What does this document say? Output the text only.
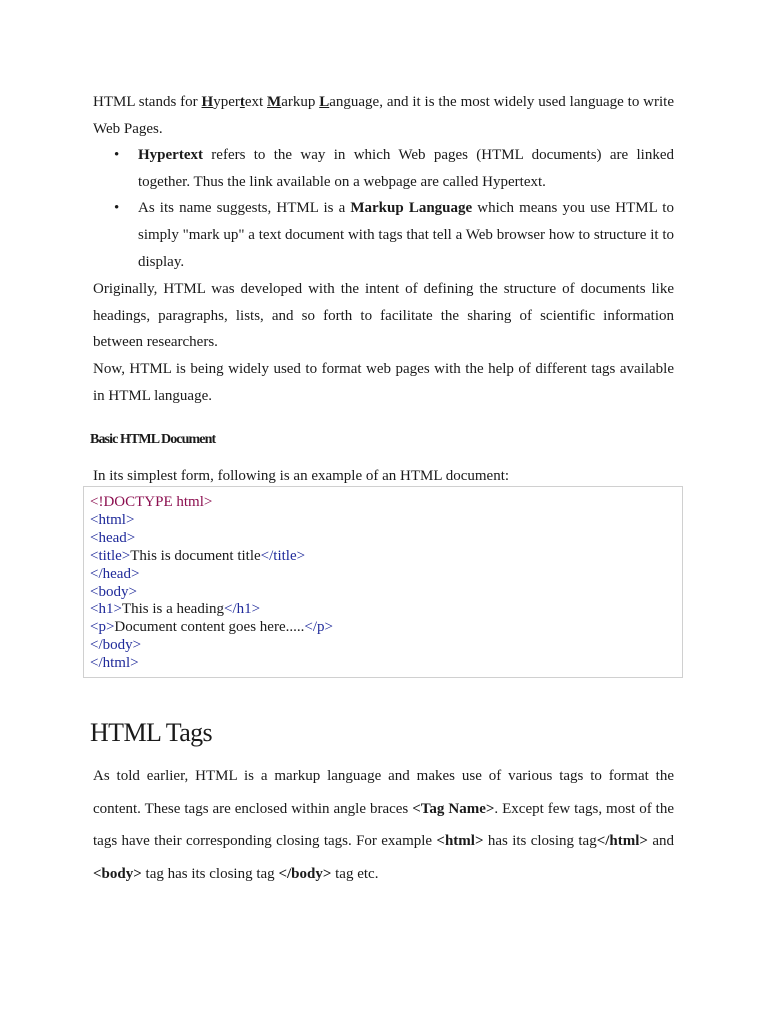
HTML stands for Hypertext Markup Language, and it is the most widely used language to write Web Pages.

• Hypertext refers to the way in which Web pages (HTML documents) are linked together. Thus the link available on a webpage are called Hypertext.
• As its name suggests, HTML is a Markup Language which means you use HTML to simply "mark up" a text document with tags that tell a Web browser how to structure it to display.

Originally, HTML was developed with the intent of defining the structure of documents like headings, paragraphs, lists, and so forth to facilitate the sharing of scientific information between researchers.

Now, HTML is being widely used to format web pages with the help of different tags available in HTML language.

Basic HTML Document

In its simplest form, following is an example of an HTML document:

<!DOCTYPE html>
<html>
<head>
<title>This is document title</title>
</head>
<body>
<h1>This is a heading</h1>
<p>Document content goes here.....</p>
</body>
</html>
HTML Tags

As told earlier, HTML is a markup language and makes use of various tags to format the content. These tags are enclosed within angle braces <Tag Name>. Except few tags, most of the tags have their corresponding closing tags. For example <html> has its closing tag</html> and <body> tag has its closing tag </body> tag etc.
